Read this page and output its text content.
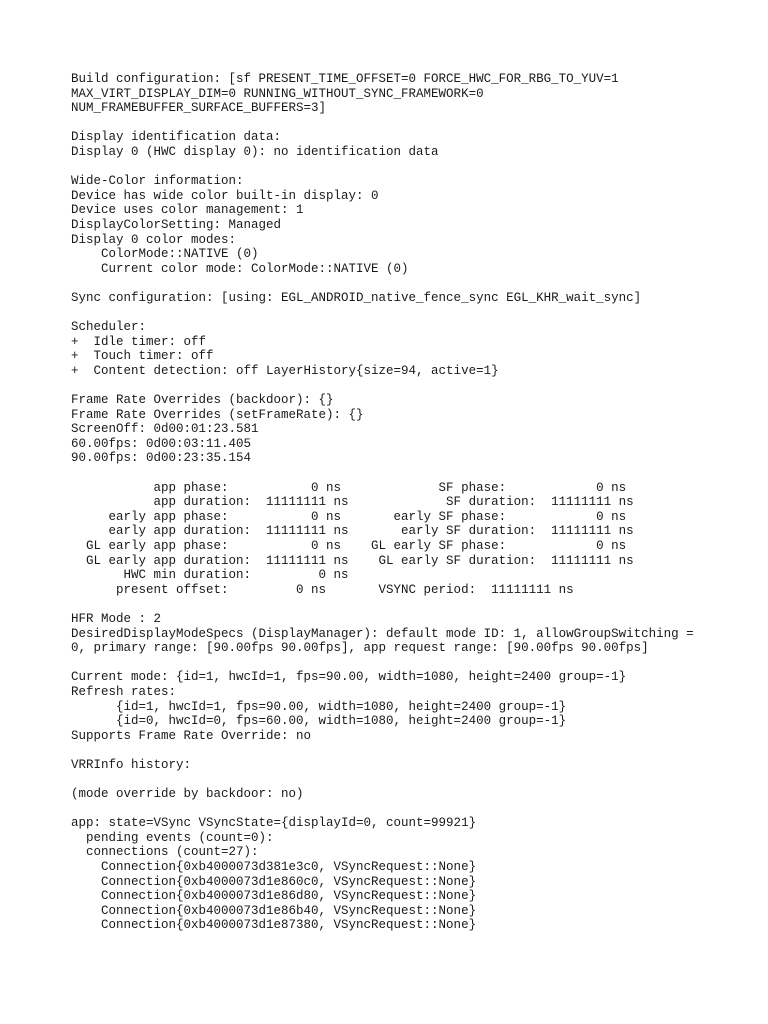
Build configuration: [sf PRESENT_TIME_OFFSET=0 FORCE_HWC_FOR_RBG_TO_YUV=1
MAX_VIRT_DISPLAY_DIM=0 RUNNING_WITHOUT_SYNC_FRAMEWORK=0
NUM_FRAMEBUFFER_SURFACE_BUFFERS=3]
Display identification data:
Display 0 (HWC display 0): no identification data
Wide-Color information:
Device has wide color built-in display: 0
Device uses color management: 1
DisplayColorSetting: Managed
Display 0 color modes:
ColorMode::NATIVE (0)
Current color mode: ColorMode::NATIVE (0)
Sync configuration: [using: EGL_ANDROID_native_fence_sync EGL_KHR_wait_sync]
Scheduler:
+  Idle timer: off
+  Touch timer: off
+  Content detection: off LayerHistory{size=94, active=1}
Frame Rate Overrides (backdoor): {}
Frame Rate Overrides (setFrameRate): {}
ScreenOff: 0d00:01:23.581
60.00fps: 0d00:03:11.405
90.00fps: 0d00:23:35.154
app phase:           0 ns             SF phase:            0 ns
app duration:  11111111 ns             SF duration:  11111111 ns
early app phase:           0 ns       early SF phase:            0 ns
early app duration:  11111111 ns       early SF duration:  11111111 ns
GL early app phase:           0 ns    GL early SF phase:            0 ns
GL early app duration:  11111111 ns    GL early SF duration:  11111111 ns
HWC min duration:         0 ns
present offset:         0 ns       VSYNC period:  11111111 ns
HFR Mode : 2
DesiredDisplayModeSpecs (DisplayManager): default mode ID: 1, allowGroupSwitching =
0, primary range: [90.00fps 90.00fps], app request range: [90.00fps 90.00fps]
Current mode: {id=1, hwcId=1, fps=90.00, width=1080, height=2400 group=-1}
Refresh rates:
{id=1, hwcId=1, fps=90.00, width=1080, height=2400 group=-1}
{id=0, hwcId=0, fps=60.00, width=1080, height=2400 group=-1}
Supports Frame Rate Override: no
VRRInfo history:
(mode override by backdoor: no)
app: state=VSync VSyncState={displayId=0, count=99921}
pending events (count=0):
connections (count=27):
Connection{0xb4000073d381e3c0, VSyncRequest::None}
Connection{0xb4000073d1e860c0, VSyncRequest::None}
Connection{0xb4000073d1e86d80, VSyncRequest::None}
Connection{0xb4000073d1e86b40, VSyncRequest::None}
Connection{0xb4000073d1e87380, VSyncRequest::None}
